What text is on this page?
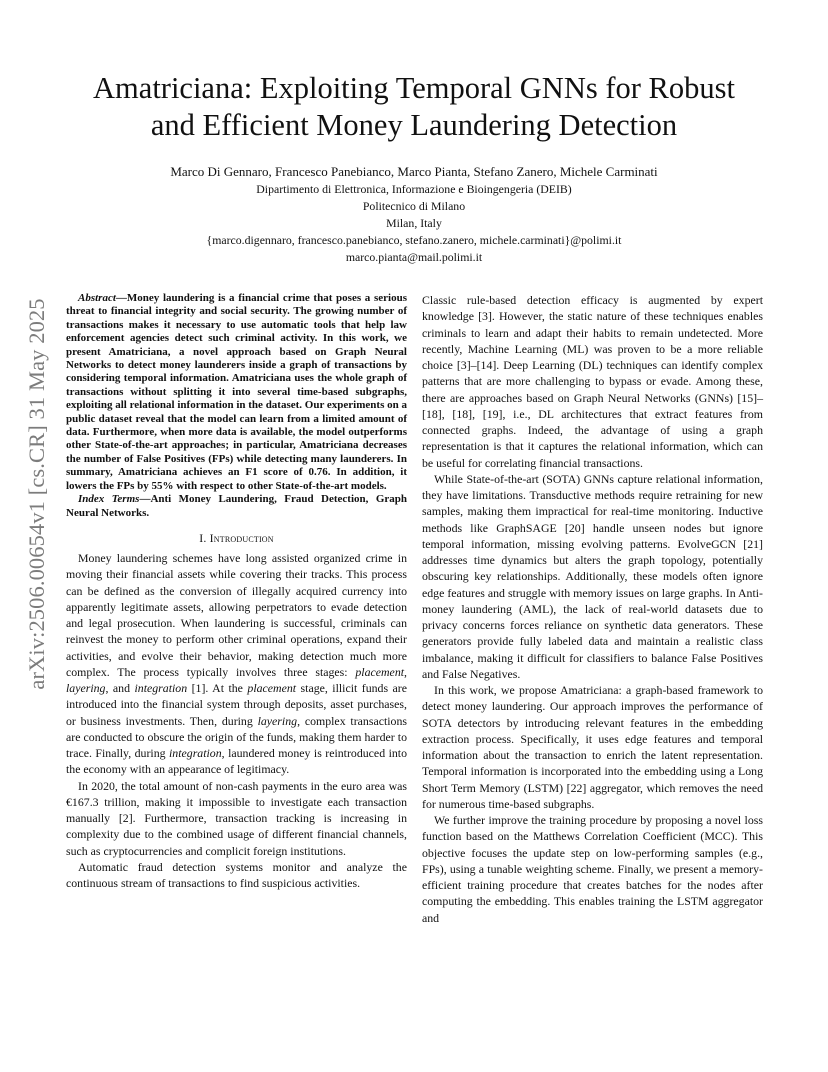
Amatriciana: Exploiting Temporal GNNs for Robust
and Efficient Money Laundering Detection
Marco Di Gennaro, Francesco Panebianco, Marco Pianta, Stefano Zanero, Michele Carminati
Dipartimento di Elettronica, Informazione e Bioingengeria (DEIB)
Politecnico di Milano
Milan, Italy
{marco.digennaro, francesco.panebianco, stefano.zanero, michele.carminati}@polimi.it
marco.pianta@mail.polimi.it
arXiv:2506.00654v1 [cs.CR] 31 May 2025	Abstract—Money laundering is a financial crime that poses a serious threat to financial integrity and social security. The growing number of transactions makes it necessary to use automatic tools that help law enforcement agencies detect such criminal activity. In this work, we present Amatriciana, a novel approach based on Graph Neural Networks to detect money launderers inside a graph of transactions by considering temporal information. Amatriciana uses the whole graph of transactions without splitting it into several time-based subgraphs, exploiting all relational information in the dataset. Our experiments on a public dataset reveal that the model can learn from a limited amount of data. Furthermore, when more data is available, the model outperforms other State-of-the-art approaches; in particular, Amatriciana decreases the number of False Positives (FPs) while detecting many launderers. In summary, Amatriciana achieves an F1 score of 0.76. In addition, it lowers the FPs by 55% with respect to other State-of-the-art models.

Index Terms—Anti Money Laundering, Fraud Detection, Graph Neural Networks.

I. Introduction

Money laundering schemes have long assisted organized crime in moving their financial assets while covering their tracks. This process can be defined as the conversion of illegally acquired currency into apparently legitimate assets, allowing perpetrators to evade detection and legal prosecution. When laundering is successful, criminals can reinvest the money to perform other criminal operations, expand their activities, and evolve their behavior, making detection much more complex. The process typically involves three stages: placement, layering, and integration [1]. At the placement stage, illicit funds are introduced into the financial system through deposits, asset purchases, or business investments. Then, during layering, complex transactions are conducted to obscure the origin of the funds, making them harder to trace. Finally, during integration, laundered money is reintroduced into the economy with an appearance of legitimacy.

In 2020, the total amount of non-cash payments in the euro area was €167.3 trillion, making it impossible to investigate each transaction manually [2]. Furthermore, transaction tracking is increasing in complexity due to the combined usage of different financial channels, such as cryptocurrencies and complicit foreign institutions.

Automatic fraud detection systems monitor and analyze the continuous stream of transactions to find suspicious activities.

Classic rule-based detection efficacy is augmented by expert knowledge [3]. However, the static nature of these techniques enables criminals to learn and adapt their habits to remain undetected. More recently, Machine Learning (ML) was proven to be a more reliable choice [3]–[14]. Deep Learning (DL) techniques can identify complex patterns that are more challenging to bypass or evade. Among these, there are approaches based on Graph Neural Networks (GNNs) [15]–[18], [18], [19], i.e., DL architectures that extract features from connected graphs. Indeed, the advantage of using a graph representation is that it captures the relational information, which can be useful for correlating financial transactions.

While State-of-the-art (SOTA) GNNs capture relational information, they have limitations. Transductive methods require retraining for new samples, making them impractical for real-time monitoring. Inductive methods like GraphSAGE [20] handle unseen nodes but ignore temporal information, missing evolving patterns. EvolveGCN [21] addresses time dynamics but alters the graph topology, potentially obscuring key relationships. Additionally, these models often ignore edge features and struggle with memory issues on large graphs. In Anti-money laundering (AML), the lack of real-world datasets due to privacy concerns forces reliance on synthetic data generators. These generators provide fully labeled data and maintain a realistic class imbalance, making it difficult for classifiers to balance False Positives and False Negatives.

In this work, we propose Amatriciana: a graph-based framework to detect money laundering. Our approach improves the performance of SOTA detectors by introducing relevant features in the embedding extraction process. Specifically, it uses edge features and temporal information about the transaction to enrich the latent representation. Temporal information is incorporated into the embedding using a Long Short Term Memory (LSTM) [22] aggregator, which removes the need for numerous time-based subgraphs.

We further improve the training procedure by proposing a novel loss function based on the Matthews Correlation Coefficient (MCC). This objective focuses the update step on low-performing samples (e.g., FPs), using a tunable weighting scheme. Finally, we present a memory-efficient training procedure that creates batches for the nodes after computing the embedding. This enables training the LSTM aggregator and
